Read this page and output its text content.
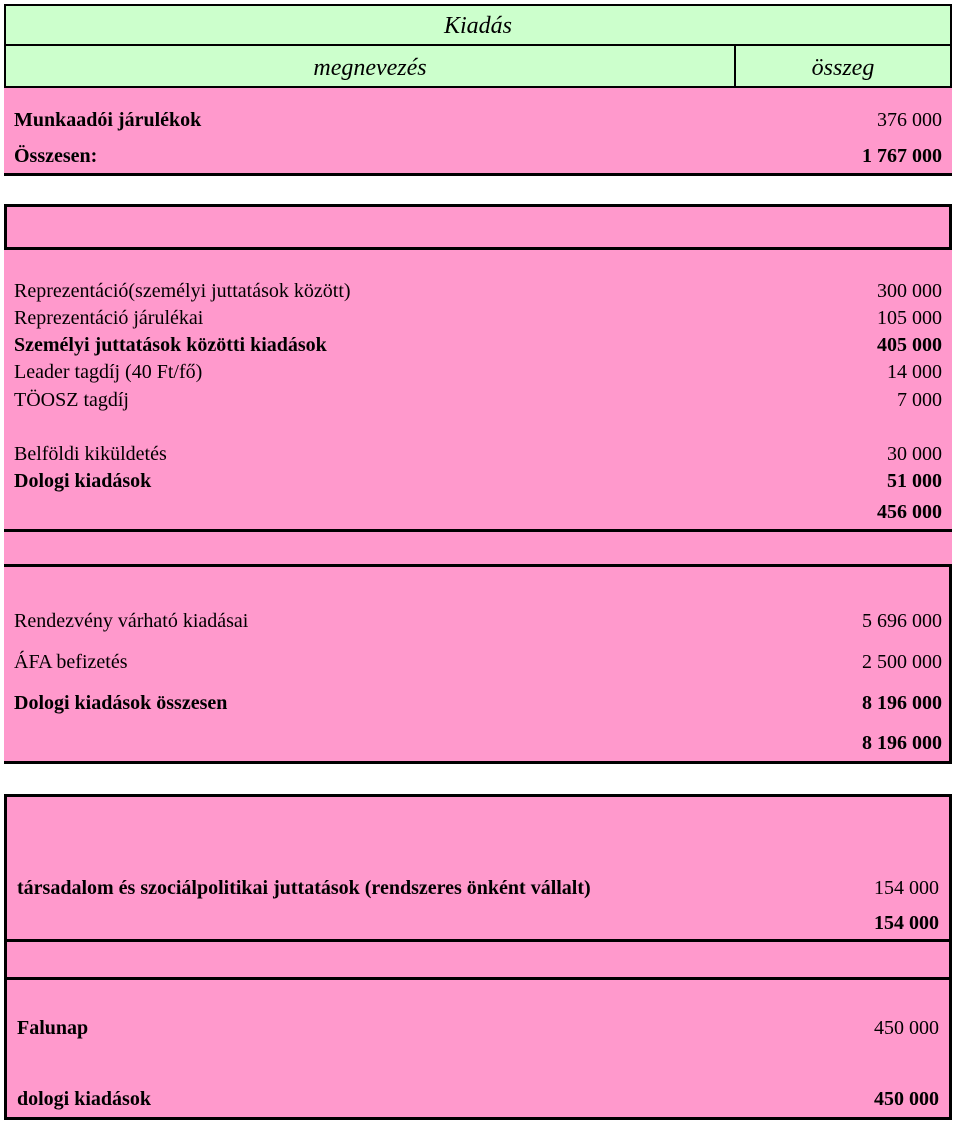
Kiadás
megnevezés	összeg
Munkaadói járulékok	376 000
Összesen:	1 767 000
Reprezentáció(személyi juttatások között)	300 000
Reprezentáció járulékai	105 000
Személyi juttatások közötti kiadások	405 000
Leader tagdíj (40 Ft/fő)	14 000
TÖOSZ tagdíj	7 000
Belföldi kiküldetés	30 000
Dologi kiadások	51 000
456 000
Rendezvény várható kiadásai	5 696 000
ÁFA befizetés	2 500 000
Dologi kiadások összesen	8 196 000
8 196 000
társadalom és szociálpolitikai juttatások (rendszeres önként vállalt)	154 000
154 000
Falunap	450 000
dologi kiadások	450 000
